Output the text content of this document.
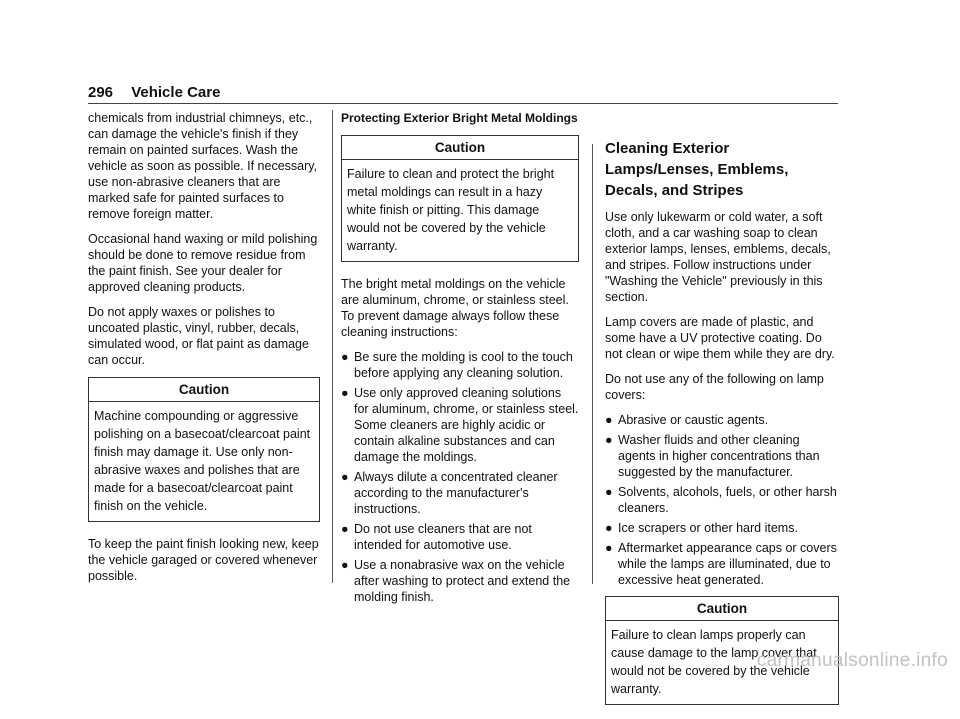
296 Vehicle Care

chemicals from industrial chimneys, etc., can damage the vehicle's finish if they remain on painted surfaces. Wash the vehicle as soon as possible. If necessary, use non-abrasive cleaners that are marked safe for painted surfaces to remove foreign matter.

Occasional hand waxing or mild polishing should be done to remove residue from the paint finish. See your dealer for approved cleaning products.

Do not apply waxes or polishes to uncoated plastic, vinyl, rubber, decals, simulated wood, or flat paint as damage can occur.

Caution
Machine compounding or aggressive polishing on a basecoat/clearcoat paint finish may damage it. Use only non-abrasive waxes and polishes that are made for a basecoat/clearcoat paint finish on the vehicle.

To keep the paint finish looking new, keep the vehicle garaged or covered whenever possible.

Protecting Exterior Bright Metal Moldings
Caution
Failure to clean and protect the bright metal moldings can result in a hazy white finish or pitting. This damage would not be covered by the vehicle warranty.

The bright metal moldings on the vehicle are aluminum, chrome, or stainless steel. To prevent damage always follow these cleaning instructions:

● Be sure the molding is cool to the touch before applying any cleaning solution.
● Use only approved cleaning solutions for aluminum, chrome, or stainless steel. Some cleaners are highly acidic or contain alkaline substances and can damage the moldings.
● Always dilute a concentrated cleaner according to the manufacturer's instructions.
● Do not use cleaners that are not intended for automotive use.
● Use a nonabrasive wax on the vehicle after washing to protect and extend the molding finish.
Cleaning Exterior Lamps/Lenses, Emblems, Decals, and Stripes

Use only lukewarm or cold water, a soft cloth, and a car washing soap to clean exterior lamps, lenses, emblems, decals, and stripes. Follow instructions under "Washing the Vehicle" previously in this section.

Lamp covers are made of plastic, and some have a UV protective coating. Do not clean or wipe them while they are dry.

Do not use any of the following on lamp covers:

● Abrasive or caustic agents.
● Washer fluids and other cleaning agents in higher concentrations than suggested by the manufacturer.
● Solvents, alcohols, fuels, or other harsh cleaners.
● Ice scrapers or other hard items.
● Aftermarket appearance caps or covers while the lamps are illuminated, due to excessive heat generated.
Caution
Failure to clean lamps properly can cause damage to the lamp cover that would not be covered by the vehicle warranty.
carmanualsonline.info
